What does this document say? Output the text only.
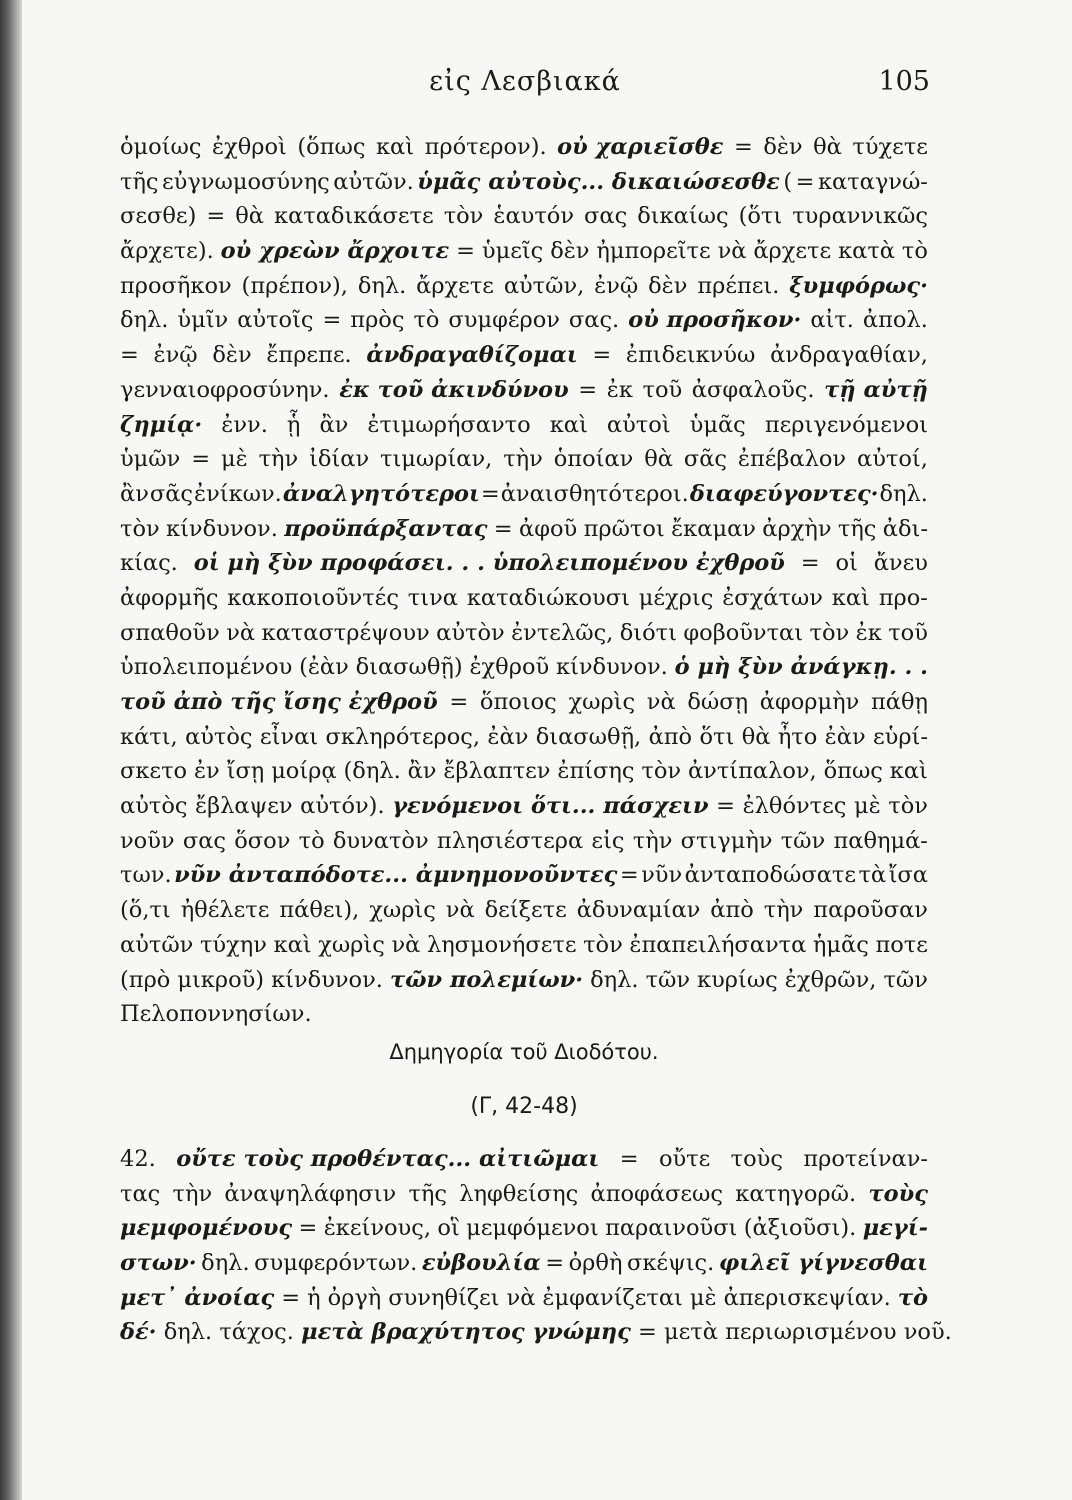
εἰς Λεσβιακά	105
ὁμοίως ἐχθροὶ (ὅπως καὶ πρότερον). οὐ χαριεῖσθε = δὲν θὰ τύχετε
τῆς εὐγνωμοσύνης αὐτῶν. ὑμᾶς αὐτοὺς... δικαιώσεσθε ( = καταγνώ-
σεσθε) = θὰ καταδικάσετε τὸν ἑαυτόν σας δικαίως (ὅτι τυραννικῶς
ἄρχετε). οὐ χρεὼν ἄρχοιτε = ὑμεῖς δὲν ἠμπορεῖτε νὰ ἄρχετε κατὰ τὸ
προσῆκον (πρέπον), δηλ. ἄρχετε αὐτῶν, ἐνῷ δὲν πρέπει. ξυμφόρως·
δηλ. ὑμῖν αὐτοῖς = πρὸς τὸ συμφέρον σας. οὐ προσῆκον· αἰτ. ἀπολ.
= ἐνῷ δὲν ἔπρεπε. ἀνδραγαθίζομαι = ἐπιδεικνύω ἀνδραγαθίαν,
γενναιοφροσύνην. ἐκ τοῦ ἀκινδύνου = ἐκ τοῦ ἀσφαλοῦς. τῇ αὐτῇ
ζημίᾳ· ἐνν. ᾗ ἂν ἐτιμωρήσαντο καὶ αὐτοὶ ὑμᾶς περιγενόμενοι
ὑμῶν = μὲ τὴν ἰδίαν τιμωρίαν, τὴν ὁποίαν θὰ σᾶς ἐπέβαλον αὐτοί,
ἂν σᾶς ἐνίκων. ἀναλγητότεροι = ἀναισθητότεροι. διαφεύγοντες· δηλ.
τὸν κίνδυνον. προϋπάρξαντας = ἀφοῦ πρῶτοι ἔκαμαν ἀρχὴν τῆς ἀδι-
κίας. οἱ μὴ ξὺν προφάσει. . . ὑπολειπομένου ἐχθροῦ = οἱ ἄνευ
ἀφορμῆς κακοποιοῦντές τινα καταδιώκουσι μέχρις ἐσχάτων καὶ προ-
σπαθοῦν νὰ καταστρέψουν αὐτὸν ἐντελῶς, διότι φοβοῦνται τὸν ἐκ τοῦ
ὑπολειπομένου (ἐὰν διασωθῇ) ἐχθροῦ κίνδυνον. ὁ μὴ ξὺν ἀνάγκῃ. . .
τοῦ ἀπὸ τῆς ἴσης ἐχθροῦ = ὅποιος χωρὶς νὰ δώσῃ ἀφορμὴν πάθῃ
κάτι, αὐτὸς εἶναι σκληρότερος, ἐὰν διασωθῇ, ἀπὸ ὅτι θὰ ἦτο ἐὰν εὑρί-
σκετο ἐν ἴσῃ μοίρᾳ (δηλ. ἂν ἔβλαπτεν ἐπίσης τὸν ἀντίπαλον, ὅπως καὶ
αὐτὸς ἔβλαψεν αὐτόν). γενόμενοι ὅτι... πάσχειν = ἐλθόντες μὲ τὸν
νοῦν σας ὅσον τὸ δυνατὸν πλησιέστερα εἰς τὴν στιγμὴν τῶν παθημά-
των. νῦν ἀνταπόδοτε... ἀμνημονοῦντες = νῦν ἀνταποδώσατε τὰ ἴσα
(ὅ,τι ἠθέλετε πάθει), χωρὶς νὰ δείξετε ἀδυναμίαν ἀπὸ τὴν παροῦσαν
αὐτῶν τύχην καὶ χωρὶς νὰ λησμονήσετε τὸν ἐπαπειλήσαντα ἡμᾶς ποτε
(πρὸ μικροῦ) κίνδυνον. τῶν πολεμίων· δηλ. τῶν κυρίως ἐχθρῶν, τῶν
Πελοποννησίων.
Δημηγορία τοῦ Διοδότου.
(Γ, 42-48)
42. οὔτε τοὺς προθέντας... αἰτιῶμαι = οὔτε τοὺς προτείναν-
τας τὴν ἀναψηλάφησιν τῆς ληφθείσης ἀποφάσεως κατηγορῶ. τοὺς
μεμφομένους = ἐκείνους, οἳ μεμφόμενοι παραινοῦσι (ἀξιοῦσι). μεγί-
στων· δηλ. συμφερόντων. εὐβουλία = ὀρθὴ σκέψις. φιλεῖ γίγνεσθαι
μετ᾿ ἀνοίας = ἡ ὀργὴ συνηθίζει νὰ ἐμφανίζεται μὲ ἀπερισκεψίαν. τὸ
δέ· δηλ. τάχος. μετὰ βραχύτητος γνώμης = μετὰ περιωρισμένου νοῦ.
